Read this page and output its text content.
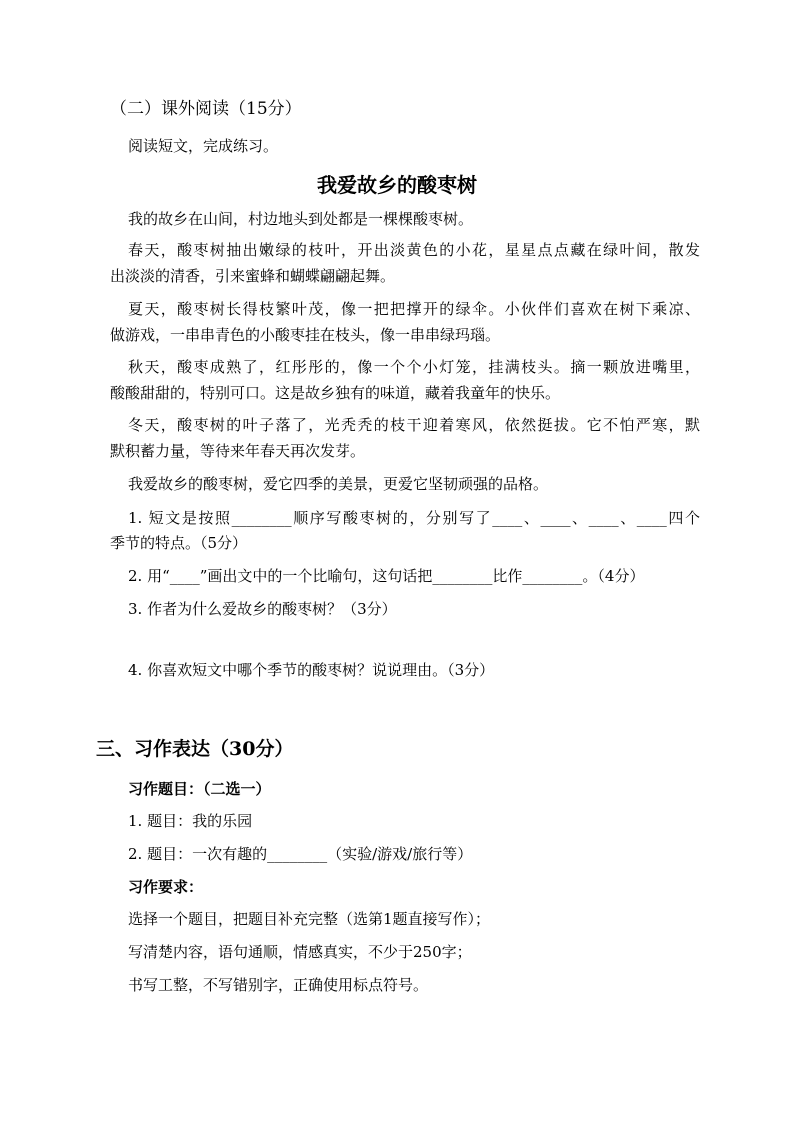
（二）课外阅读（15分）
阅读短文，完成练习。
我爱故乡的酸枣树
我的故乡在山间，村边地头到处都是一棵棵酸枣树。
春天，酸枣树抽出嫩绿的枝叶，开出淡黄色的小花，星星点点藏在绿叶间，散发
出淡淡的清香，引来蜜蜂和蝴蝶翩翩起舞。
夏天，酸枣树长得枝繁叶茂，像一把把撑开的绿伞。小伙伴们喜欢在树下乘凉、
做游戏，一串串青色的小酸枣挂在枝头，像一串串绿玛瑙。
秋天，酸枣成熟了，红彤彤的，像一个个小灯笼，挂满枝头。摘一颗放进嘴里，
酸酸甜甜的，特别可口。这是故乡独有的味道，藏着我童年的快乐。
冬天，酸枣树的叶子落了，光秃秃的枝干迎着寒风，依然挺拔。它不怕严寒，默
默积蓄力量，等待来年春天再次发芽。
我爱故乡的酸枣树，爱它四季的美景，更爱它坚韧顽强的品格。
1. 短文是按照________顺序写酸枣树的，分别写了____、____、____、____四个
季节的特点。（5分）
2. 用“____”画出文中的一个比喻句，这句话把________比作________。（4分）
3. 作者为什么爱故乡的酸枣树？（3分）
4. 你喜欢短文中哪个季节的酸枣树？说说理由。（3分）
三、习作表达（30分）
习作题目：（二选一）
1. 题目：我的乐园
2. 题目：一次有趣的________（实验/游戏/旅行等）
习作要求：
选择一个题目，把题目补充完整（选第1题直接写作）；
写清楚内容，语句通顺，情感真实，不少于250字；
书写工整，不写错别字，正确使用标点符号。
